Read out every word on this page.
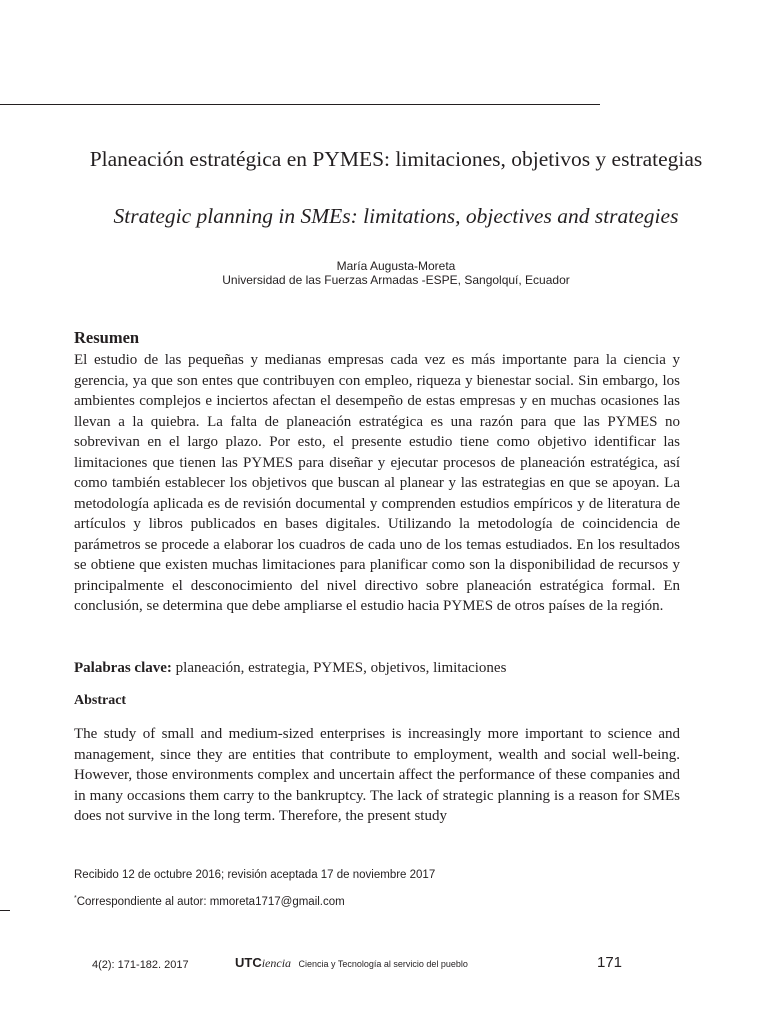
Planeación estratégica en PYMES: limitaciones, objetivos y estrategias
Strategic planning in SMEs: limitations, objectives and strategies
María Augusta-Moreta
Universidad de las Fuerzas Armadas -ESPE, Sangolquí, Ecuador
Resumen
El estudio de las pequeñas y medianas empresas cada vez es más importante para la ciencia y gerencia, ya que son entes que contribuyen con empleo, riqueza y bienestar social. Sin embargo, los ambientes complejos e inciertos afectan el desempeño de estas empresas y en muchas ocasiones las llevan a la quiebra. La falta de planeación estratégica es una razón para que las PYMES no sobrevivan en el largo plazo. Por esto, el presente estudio tiene como objetivo identificar las limitaciones que tienen las PYMES para diseñar y ejecutar procesos de planeación estratégica, así como también establecer los objetivos que buscan al planear y las estrategias en que se apoyan. La metodología aplicada es de revisión documental y comprenden estudios empíricos y de literatura de artículos y libros publicados en bases digitales. Utilizando la metodología de coincidencia de parámetros se procede a elaborar los cuadros de cada uno de los temas estudiados. En los resultados se obtiene que existen muchas limitaciones para planificar como son la disponibilidad de recursos y principalmente el desconocimiento del nivel directivo sobre planeación estratégica formal. En conclusión, se determina que debe ampliarse el estudio hacia PYMES de otros países de la región.
Palabras clave: planeación, estrategia, PYMES, objetivos, limitaciones
Abstract
The study of small and medium-sized enterprises is increasingly more important to science and management, since they are entities that contribute to employment, wealth and social well-being. However, those environments complex and uncertain affect the performance of these companies and in many occasions them carry to the bankruptcy. The lack of strategic planning is a reason for SMEs does not survive in the long term. Therefore, the present study
Recibido 12 de octubre 2016; revisión aceptada 17 de noviembre 2017
*Correspondiente al autor: mmoreta1717@gmail.com
4(2): 171-182. 2017	UTCiencia Ciencia y Tecnología al servicio del pueblo	171
